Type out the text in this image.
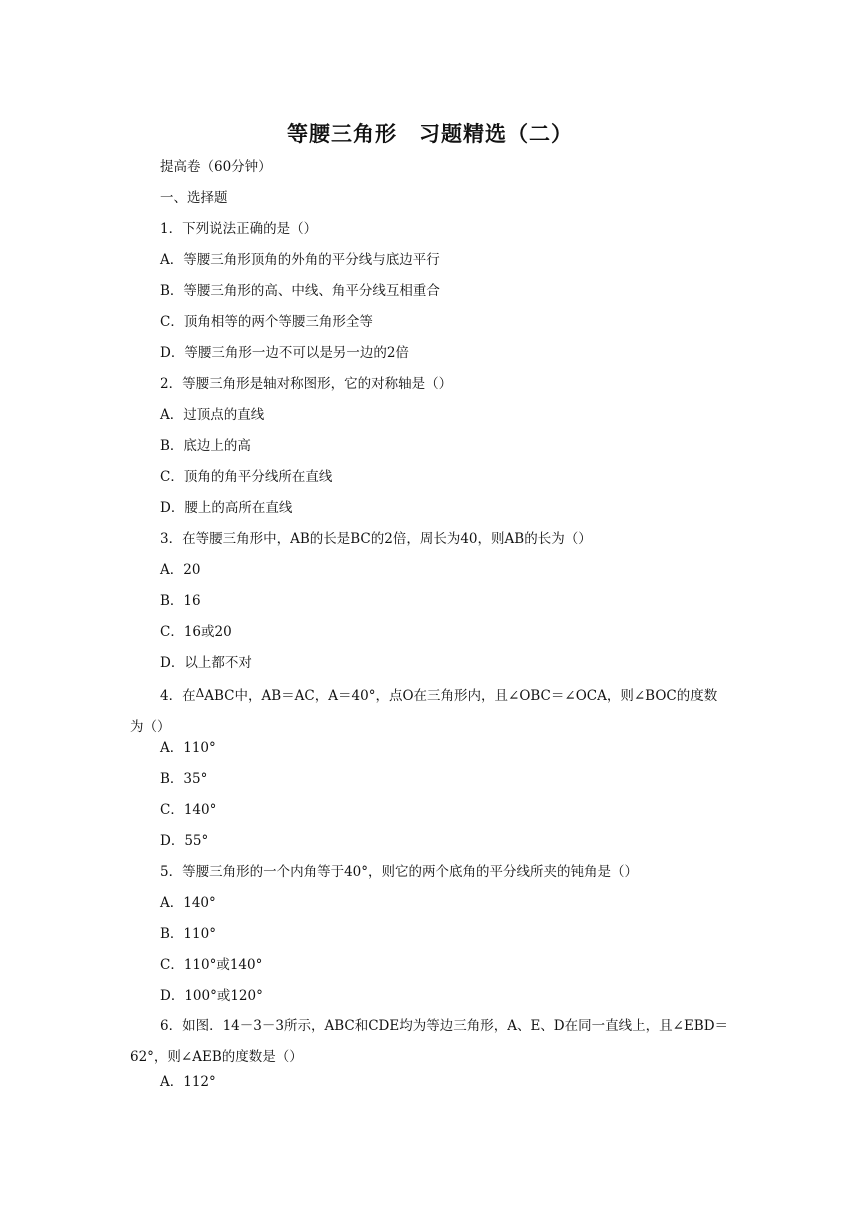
等腰三角形　习题精选（二）
提高卷（60分钟）
一、选择题
1．下列说法正确的是（）
A．等腰三角形顶角的外角的平分线与底边平行
B．等腰三角形的高、中线、角平分线互相重合
C．顶角相等的两个等腰三角形全等
D．等腰三角形一边不可以是另一边的2倍
2．等腰三角形是轴对称图形，它的对称轴是（）
A．过顶点的直线
B．底边上的高
C．顶角的角平分线所在直线
D．腰上的高所在直线
3．在等腰三角形中，AB的长是BC的2倍，周长为40，则AB的长为（）
A．20
B．16
C．16或20
D．以上都不对
4．在ΔABC中，AB＝AC，A＝40°，点O在三角形内，且∠OBC＝∠OCA，则∠BOC的度数为（）
A．110°
B．35°
C．140°
D．55°
5．等腰三角形的一个内角等于40°，则它的两个底角的平分线所夹的钝角是（）
A．140°
B．110°
C．110°或140°
D．100°或120°
6．如图．14－3－3所示，ABC和CDE均为等边三角形，A、E、D在同一直线上，且∠EBD＝62°，则∠AEB的度数是（）
A．112°
